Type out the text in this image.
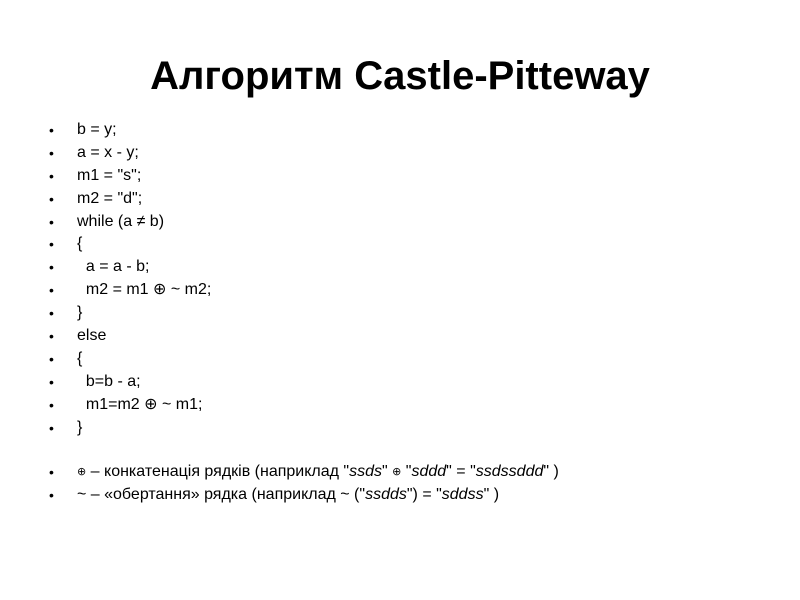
Алгоритм Castle-Pitteway
• b = y;
• a = x - y;
• m1 = "s";
• m2 = "d";
• while (a ≠ b)
• {
• a = a - b;
• m2 = m1 ⊕ ~ m2;
• }
• else
• {
• b=b - a;
• m1=m2 ⊕ ~ m1;
• }
• ⊕ – конкатенація рядків (наприклад "ssds" ⊕ "sddd" = "ssdssddd" )
• ~ – «обертання» рядка (наприклад ~ ("ssdds") = "sddss" )
